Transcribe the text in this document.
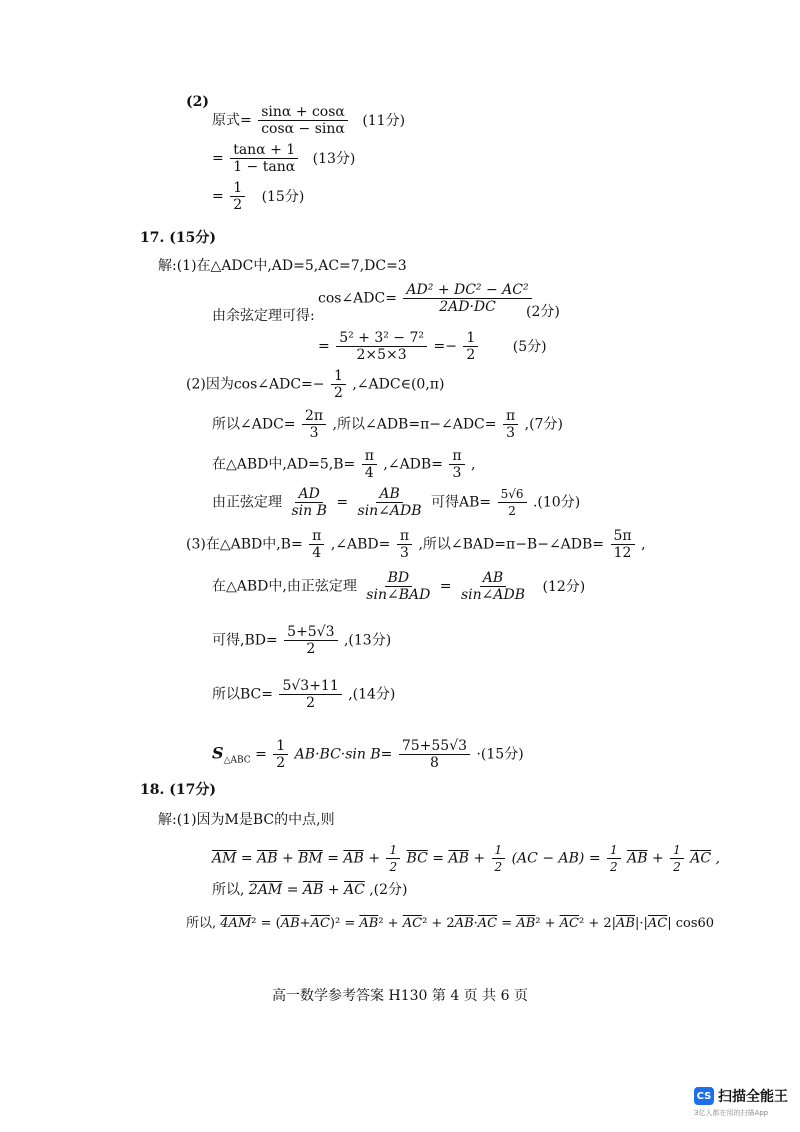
(2)
原式= $\frac{\sin\alpha + \cos\alpha}{\cos\alpha - \sin\alpha} (11$分)
= $\frac{\tan\alpha + 1}{1 - \tan\alpha} (13$分)
= $\frac{1}{2} (15$分)
17. (15分)
解:(1)在△ADC中,AD=5,AC=7,DC=3
cos∠ADC= $\frac{\text{AD² + DC² − AC²}}{2AD\cdot DC}$
由余弦定理可得:	(2分)
= $\frac{\text{5² + 3² − 7²}}{2\times 5\times 3} =- \frac{1}{2} (5$分)
(2)因为cos∠ADC=− $\frac{1}{2}$ ,∠ADC∈(0,π)
所以∠ADC= $\frac{2\pi}{3}$ ,所以∠ADB=π−∠ADC= $\frac{\pi}{3} ,(7$分)
在△ABD中$,AD=5,B= \frac{\pi}{4}$ ,∠ADB= $\frac{\pi}{3}$ ,
由正弦定理 $\frac{AD}{\text{sin B}} = \frac{AB}{\text{sin∠ADB}}$ 可得$AB= \frac{5√6}{2} .(10$分)
(3)在△ABD中$,B= \frac{\pi}{4}$ ,∠ABD= $\frac{\pi}{3}$ ,所以∠BAD=π−B−∠ADB= $\frac{5\pi}{12}$ ,
在△ABD中,由正弦定理 $\frac{BD}{\text{sin∠BAD}} = \frac{AB}{\text{sin∠ADB}} (12$分)
可得$,BD= \frac{5+5√3}{2} ,(13$分)
所以$BC= \frac{5√3+11}{2} ,(14$分)
$S_{\triangle ABC} = \frac{1}{2} AB\cdot BC\cdot\sin$ $B= \frac{75+55√3}{8} \cdot(15$分)
18. (17分)
解:(1)因为M是BC的中点,则
$\overline{AM} = \overline{AB} + \overline{BM} = \overline{AB} + \frac{1}{2} \overline{BC} = \overline{AB} + \frac{1}{2} (AC - AB) = \frac{1}{2} \overline{AB} + \frac{1}{2} \overline{AC}$ ,
所以, $2AM = \overline{AB} + \overline{AC}$ ,(2分)
所以, $4AM^2 = (\overline{AB}+\overline{AC})^2 = \overline{AB}^2 + \overline{AC}^2 + 2\overline{AB}\cdot\overline{AC} = \overline{AB}^2 + \overline{AC}^2 + 2|\overline{AB}|\cdot|\overline{AC}|$ cos60
高一数学参考答案 H130 第 4 页 共 6 页
CS 扫描全能王
3亿人都在用的扫描App
